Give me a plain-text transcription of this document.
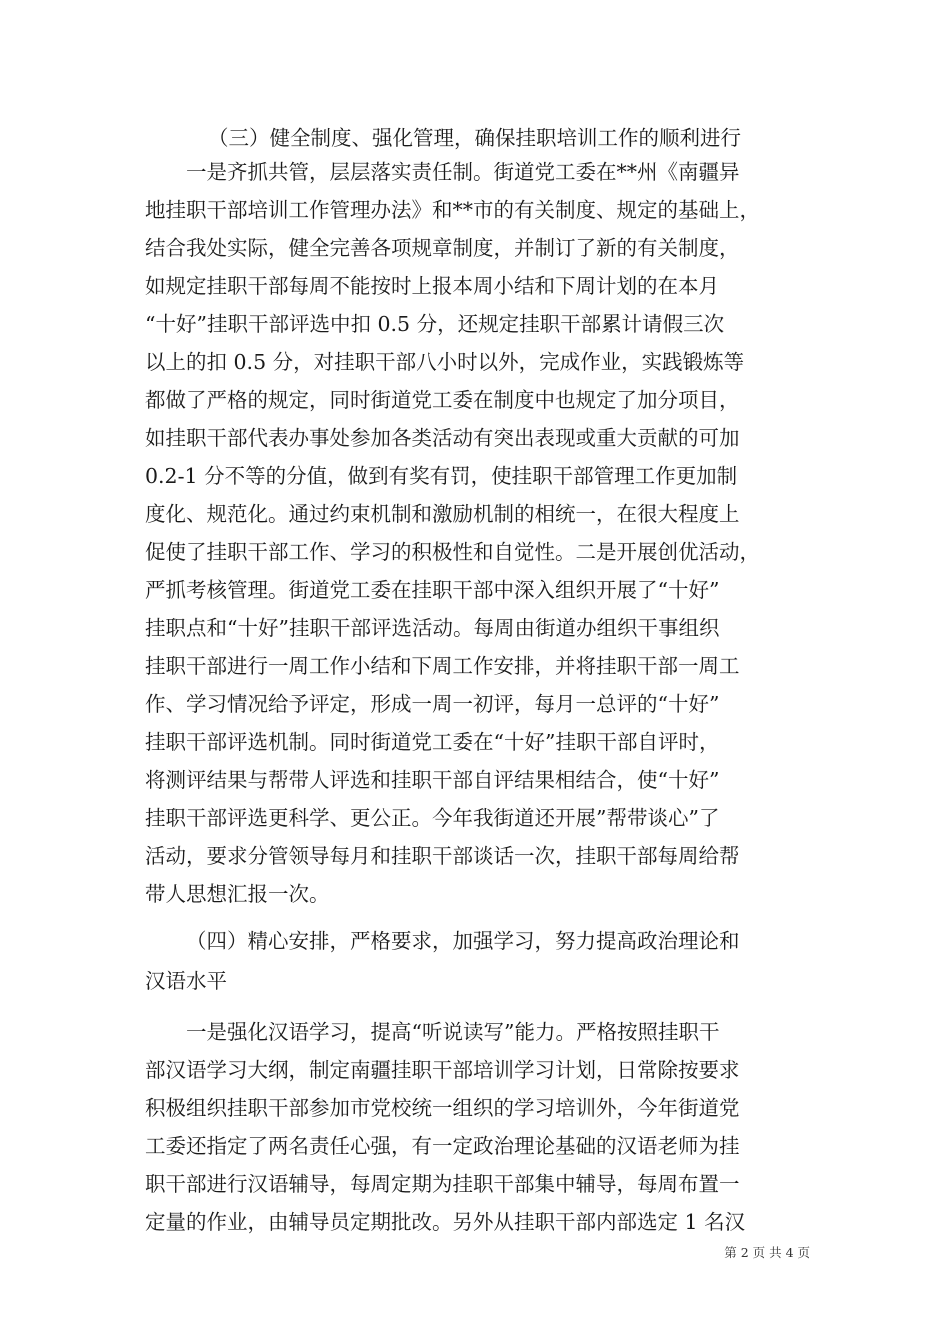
（三）健全制度、强化管理，确保挂职培训工作的顺利进行
一是齐抓共管，层层落实责任制。街道党工委在**州《南疆异
地挂职干部培训工作管理办法》和**市的有关制度、规定的基础上，
结合我处实际，健全完善各项规章制度，并制订了新的有关制度，
如规定挂职干部每周不能按时上报本周小结和下周计划的在本月
“十好”挂职干部评选中扣 0.5 分，还规定挂职干部累计请假三次
以上的扣 0.5 分，对挂职干部八小时以外，完成作业，实践锻炼等
都做了严格的规定，同时街道党工委在制度中也规定了加分项目，
如挂职干部代表办事处参加各类活动有突出表现或重大贡献的可加
0.2-1 分不等的分值，做到有奖有罚，使挂职干部管理工作更加制
度化、规范化。通过约束机制和激励机制的相统一，在很大程度上
促使了挂职干部工作、学习的积极性和自觉性。二是开展创优活动，
严抓考核管理。街道党工委在挂职干部中深入组织开展了“十好”
挂职点和“十好”挂职干部评选活动。每周由街道办组织干事组织
挂职干部进行一周工作小结和下周工作安排，并将挂职干部一周工
作、学习情况给予评定，形成一周一初评，每月一总评的“十好”
挂职干部评选机制。同时街道党工委在“十好”挂职干部自评时，
将测评结果与帮带人评选和挂职干部自评结果相结合，使“十好”
挂职干部评选更科学、更公正。今年我街道还开展”帮带谈心”了
活动，要求分管领导每月和挂职干部谈话一次，挂职干部每周给帮
带人思想汇报一次。
（四）精心安排，严格要求，加强学习，努力提高政治理论和
汉语水平
一是强化汉语学习，提高“听说读写”能力。严格按照挂职干
部汉语学习大纲，制定南疆挂职干部培训学习计划，日常除按要求
积极组织挂职干部参加市党校统一组织的学习培训外，今年街道党
工委还指定了两名责任心强，有一定政治理论基础的汉语老师为挂
职干部进行汉语辅导，每周定期为挂职干部集中辅导，每周布置一
定量的作业，由辅导员定期批改。另外从挂职干部内部选定 1 名汉
第 2 页 共 4 页
